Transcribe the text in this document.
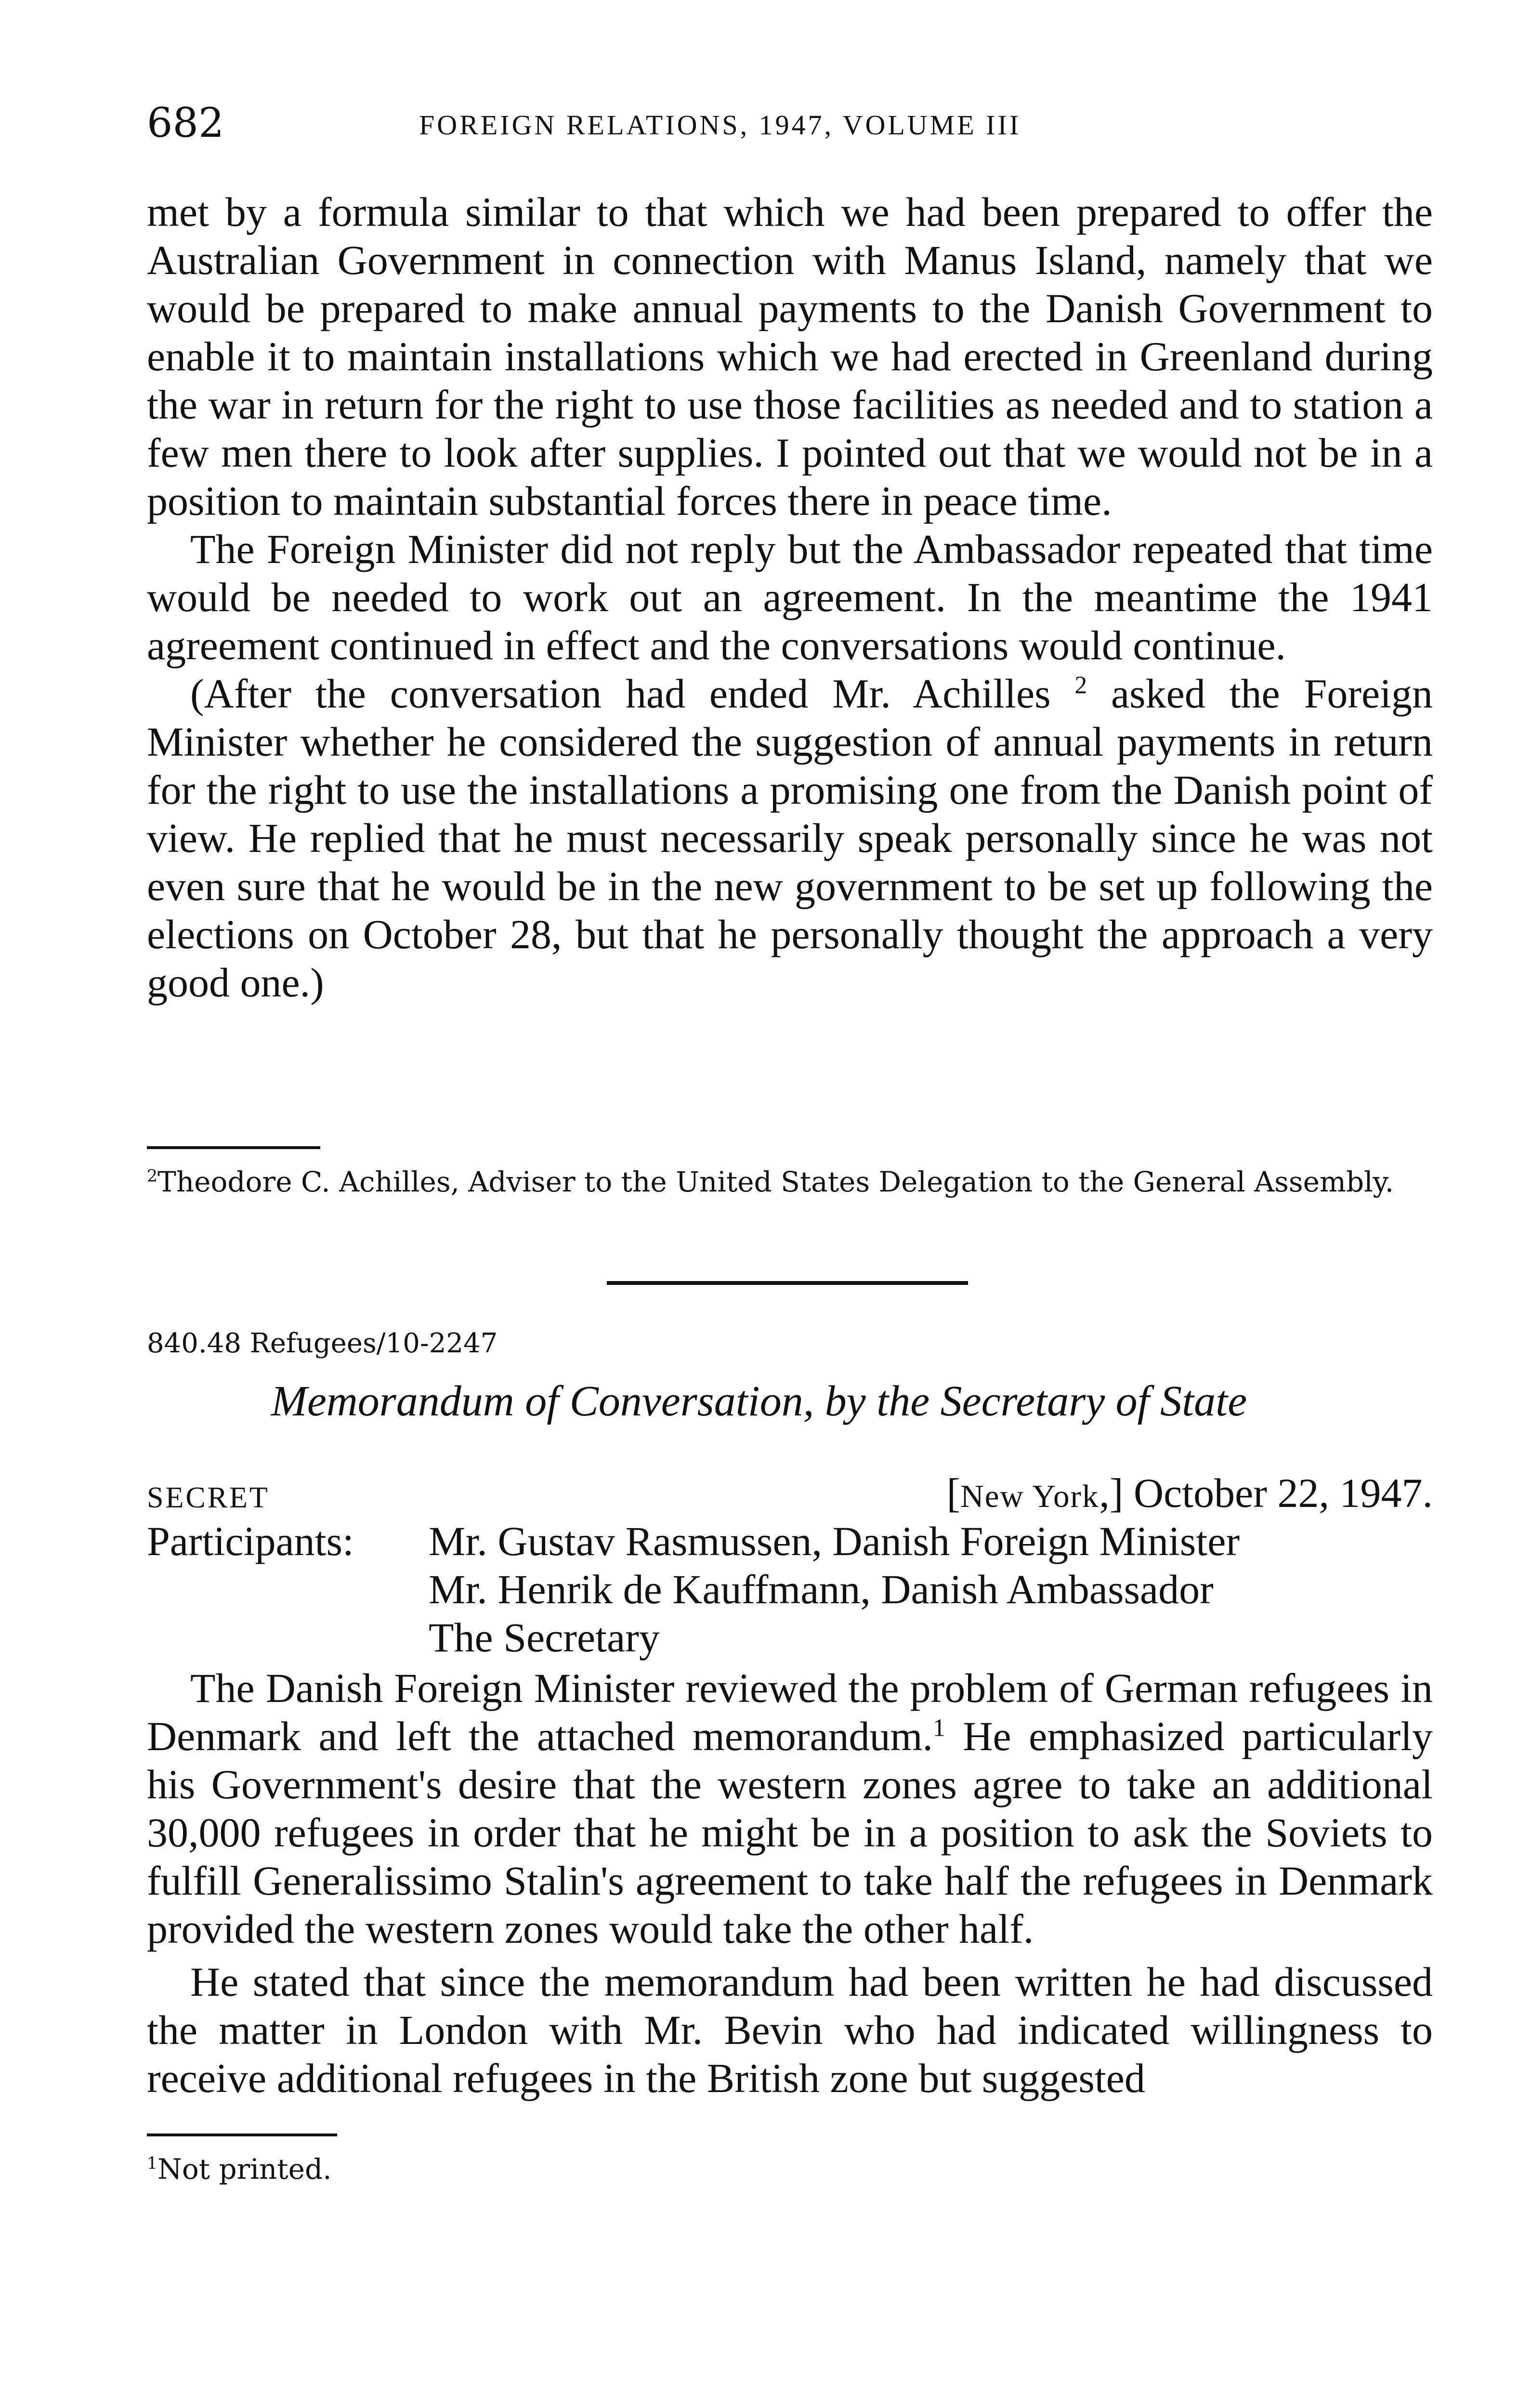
682	FOREIGN RELATIONS, 1947, VOLUME III

met by a formula similar to that which we had been prepared to offer the Australian Government in connection with Manus Island, namely that we would be prepared to make annual payments to the Danish Government to enable it to maintain installations which we had erected in Greenland during the war in return for the right to use those facilities as needed and to station a few men there to look after supplies. I pointed out that we would not be in a position to maintain substantial forces there in peace time.

The Foreign Minister did not reply but the Ambassador repeated that time would be needed to work out an agreement. In the meantime the 1941 agreement continued in effect and the conversations would continue.

(After the conversation had ended Mr. Achilles $^2$ asked the Foreign Minister whether he considered the suggestion of annual payments in return for the right to use the installations a promising one from the Danish point of view. He replied that he must necessarily speak personally since he was not even sure that he would be in the new government to be set up following the elections on October 28, but that he personally thought the approach a very good one.)

$^2$Theodore C. Achilles, Adviser to the United States Delegation to the General Assembly.
840.48 Refugees/10-2247
Memorandum of Conversation, by the Secretary of State
SECRET	[New York,] October 22, 1947.
Participants: Mr. Gustav Rasmussen, Danish Foreign Minister
Mr. Henrik de Kauffmann, Danish Ambassador
The Secretary

The Danish Foreign Minister reviewed the problem of German refugees in Denmark and left the attached memorandum.$^1$ He emphasized particularly his Government's desire that the western zones agree to take an additional 30,000 refugees in order that he might be in a position to ask the Soviets to fulfill Generalissimo Stalin's agreement to take half the refugees in Denmark provided the western zones would take the other half.

He stated that since the memorandum had been written he had discussed the matter in London with Mr. Bevin who had indicated willingness to receive additional refugees in the British zone but suggested

$^1$Not printed.
